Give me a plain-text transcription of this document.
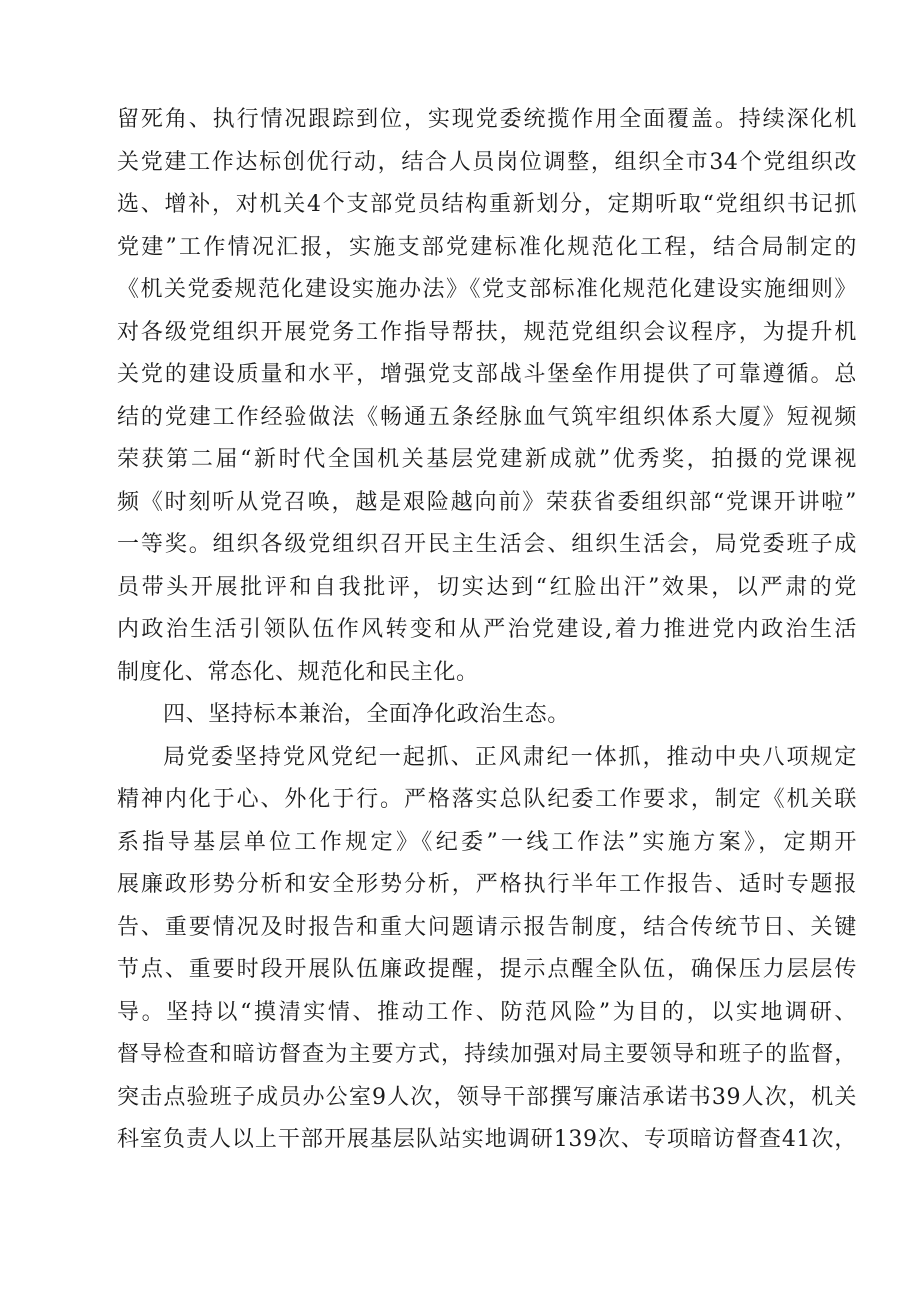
留死角、执行情况跟踪到位，实现党委统揽作用全面覆盖。持续深化机
关党建工作达标创优行动，结合人员岗位调整，组织全市34个党组织改
选、增补，对机关4个支部党员结构重新划分，定期听取“党组织书记抓
党建”工作情况汇报，实施支部党建标准化规范化工程，结合局制定的
《机关党委规范化建设实施办法》《党支部标准化规范化建设实施细则》
对各级党组织开展党务工作指导帮扶，规范党组织会议程序，为提升机
关党的建设质量和水平，增强党支部战斗堡垒作用提供了可靠遵循。总
结的党建工作经验做法《畅通五条经脉血气筑牢组织体系大厦》短视频
荣获第二届“新时代全国机关基层党建新成就”优秀奖，拍摄的党课视
频《时刻听从党召唤，越是艰险越向前》荣获省委组织部“党课开讲啦”
一等奖。组织各级党组织召开民主生活会、组织生活会，局党委班子成
员带头开展批评和自我批评，切实达到“红脸出汗”效果，以严肃的党
内政治生活引领队伍作风转变和从严治党建设,着力推进党内政治生活
制度化、常态化、规范化和民主化。
四、坚持标本兼治，全面净化政治生态。
局党委坚持党风党纪一起抓、正风肃纪一体抓，推动中央八项规定
精神内化于心、外化于行。严格落实总队纪委工作要求，制定《机关联
系指导基层单位工作规定》《纪委”一线工作法”实施方案》，定期开
展廉政形势分析和安全形势分析，严格执行半年工作报告、适时专题报
告、重要情况及时报告和重大问题请示报告制度，结合传统节日、关键
节点、重要时段开展队伍廉政提醒，提示点醒全队伍，确保压力层层传
导。坚持以“摸清实情、推动工作、防范风险”为目的，以实地调研、
督导检查和暗访督查为主要方式，持续加强对局主要领导和班子的监督，
突击点验班子成员办公室9人次，领导干部撰写廉洁承诺书39人次，机关
科室负责人以上干部开展基层队站实地调研139次、专项暗访督查41次，
